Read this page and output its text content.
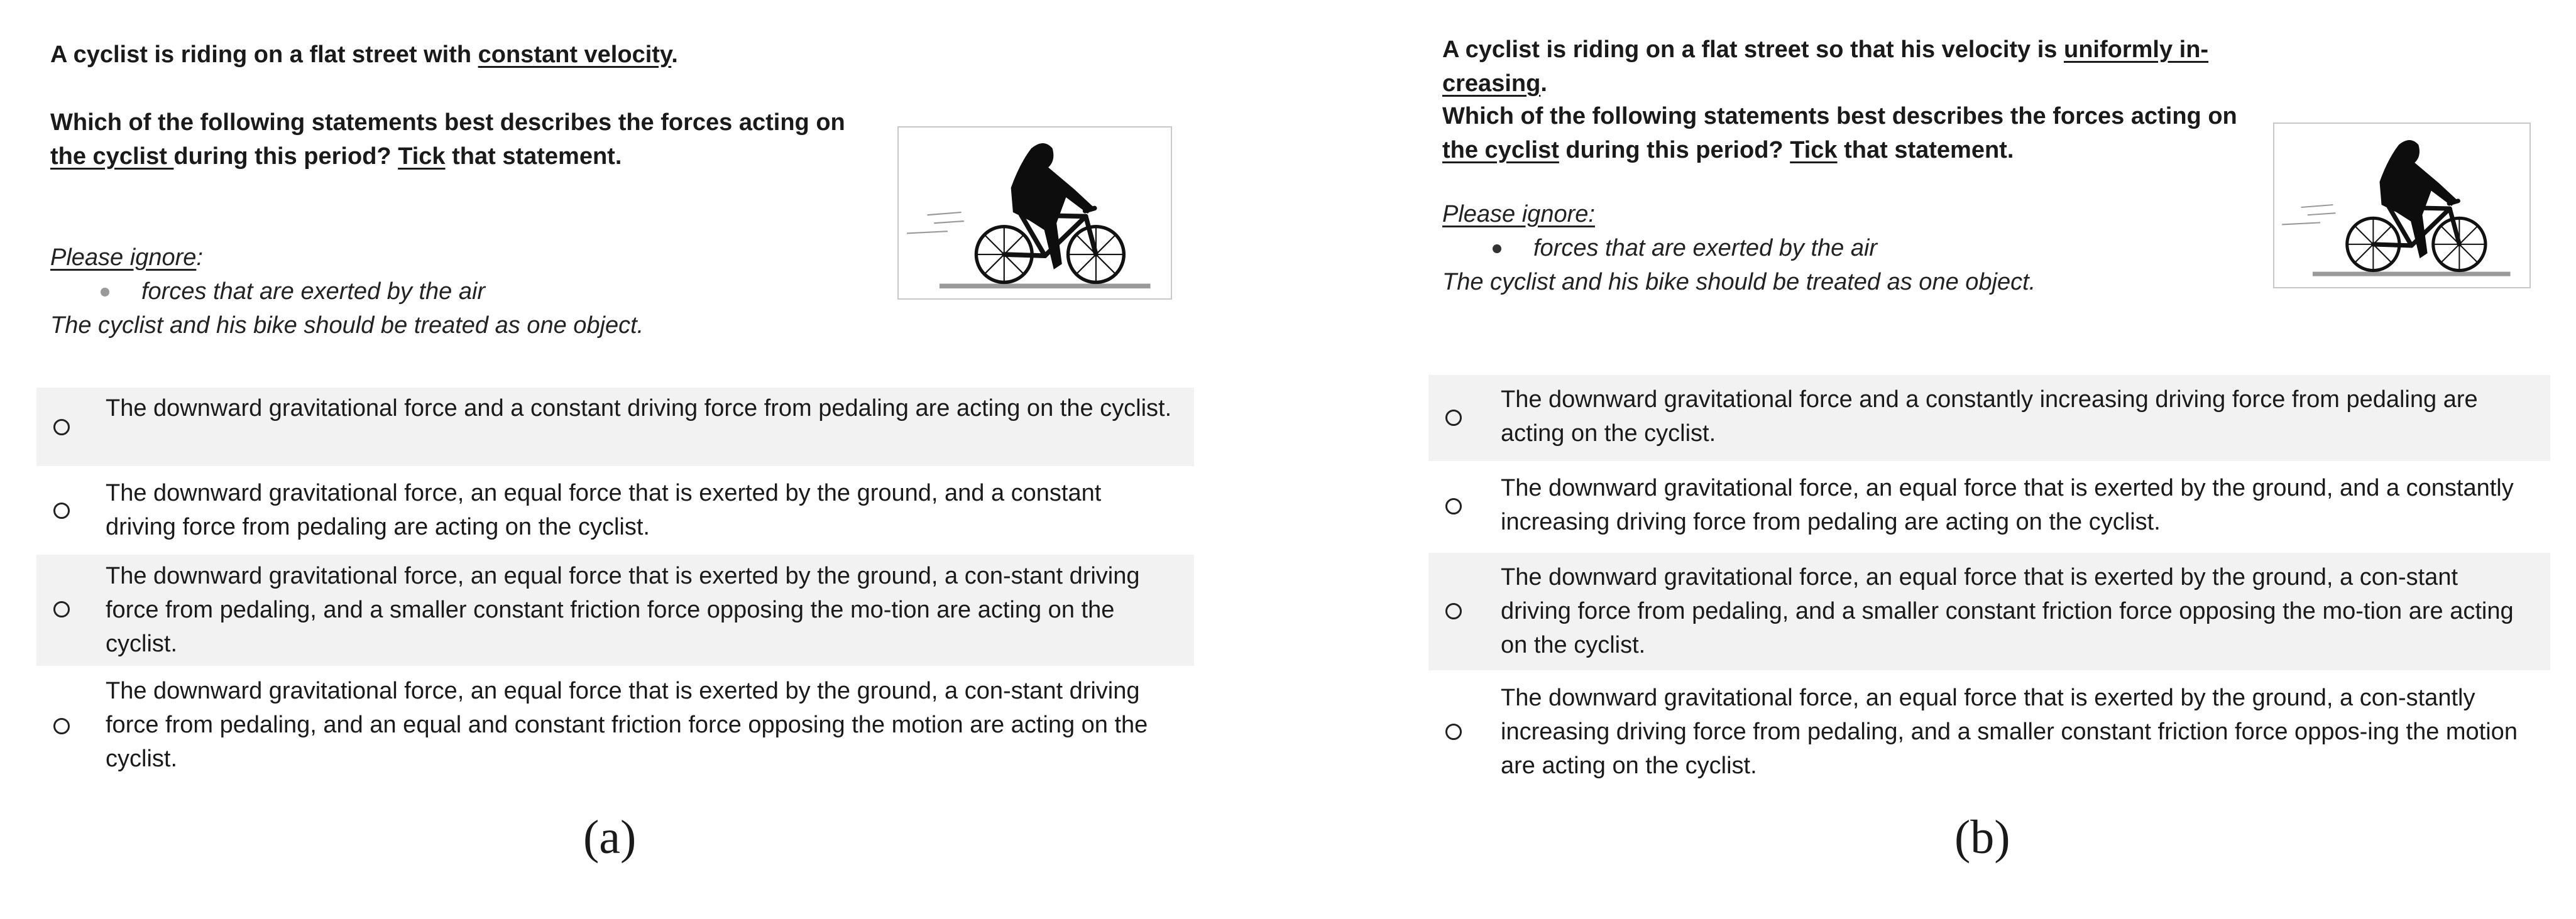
A cyclist is riding on a flat street with constant velocity.
Which of the following statements best describes the forces acting on
the cyclist during this period? Tick that statement.
Please ignore:
forces that are exerted by the air
The cyclist and his bike should be treated as one object.
The downward gravitational force and a constant driving force from pedaling are acting on the cyclist.
The downward gravitational force, an equal force that is exerted by the ground, and a constant driving force from pedaling are acting on the cyclist.
The downward gravitational force, an equal force that is exerted by the ground, a con-stant driving force from pedaling, and a smaller constant friction force opposing the mo-tion are acting on the cyclist.
The downward gravitational force, an equal force that is exerted by the ground, a con-stant driving force from pedaling, and an equal and constant friction force opposing the motion are acting on the cyclist.
(a)
A cyclist is riding on a flat street so that his velocity is uniformly in-
creasing.
Which of the following statements best describes the forces acting on
the cyclist during this period? Tick that statement.
Please ignore:
forces that are exerted by the air
The cyclist and his bike should be treated as one object.
The downward gravitational force and a constantly increasing driving force from pedaling are acting on the cyclist.
The downward gravitational force, an equal force that is exerted by the ground, and a constantly increasing driving force from pedaling are acting on the cyclist.
The downward gravitational force, an equal force that is exerted by the ground, a con-stant driving force from pedaling, and a smaller constant friction force opposing the mo-tion are acting on the cyclist.
The downward gravitational force, an equal force that is exerted by the ground, a con-stantly increasing driving force from pedaling, and a smaller constant friction force oppos-ing the motion are acting on the cyclist.
(b)
